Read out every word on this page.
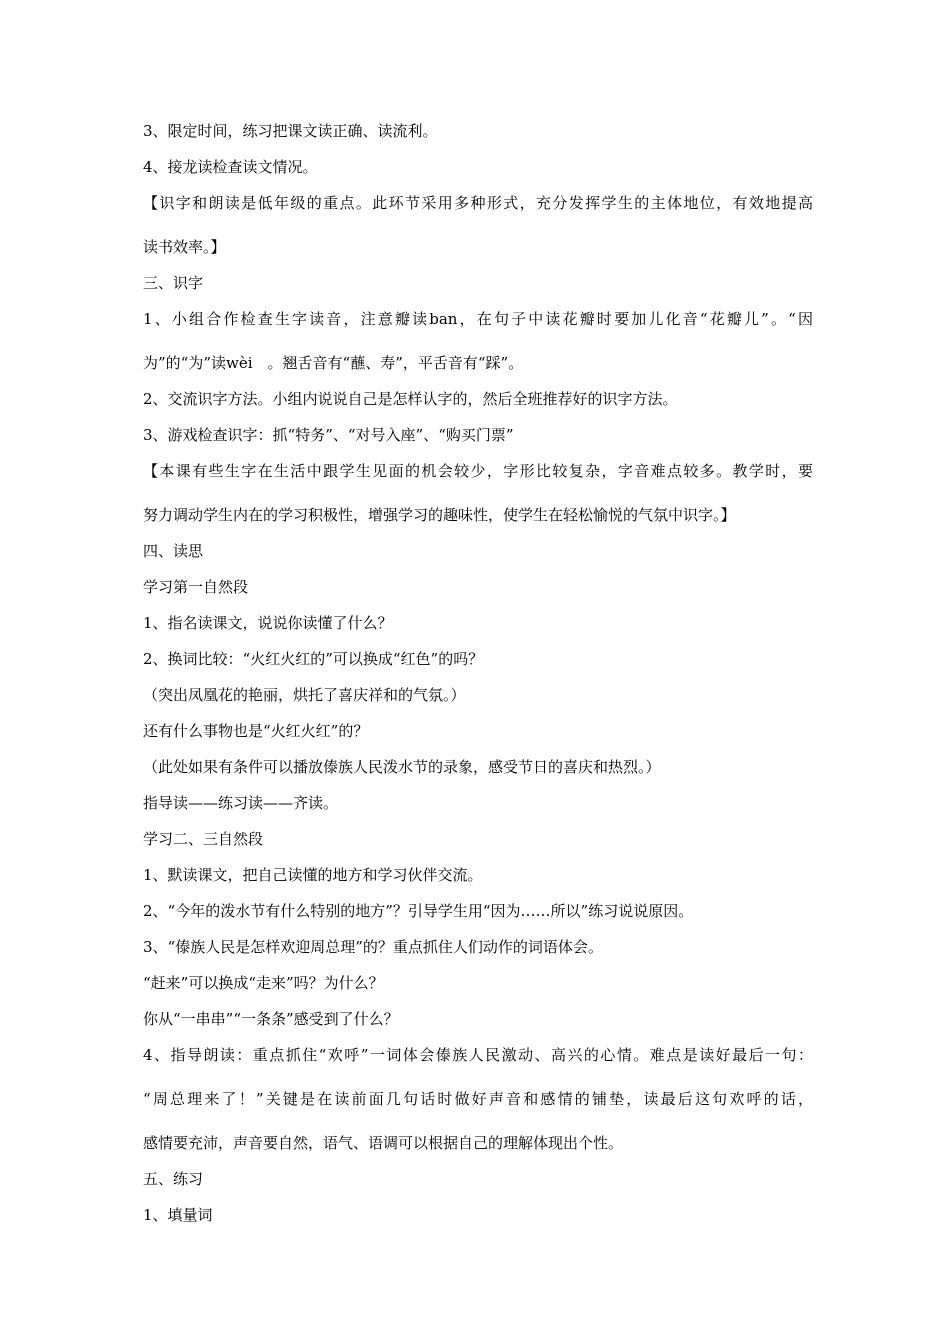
3、限定时间，练习把课文读正确、读流利。

4、接龙读检查读文情况。

【识字和朗读是低年级的重点。此环节采用多种形式，充分发挥学生的主体地位，有效地提高

读书效率。】

三、识字

1、小组合作检查生字读音，注意瓣读ban，在句子中读花瓣时要加儿化音“花瓣儿”。“因

为”的“为”读wèi　。翘舌音有“蘸、寿”，平舌音有“踩”。

2、交流识字方法。小组内说说自己是怎样认字的，然后全班推荐好的识字方法。

3、游戏检查识字：抓“特务”、“对号入座”、“购买门票”

【本课有些生字在生活中跟学生见面的机会较少，字形比较复杂，字音难点较多。教学时，要

努力调动学生内在的学习积极性，增强学习的趣味性，使学生在轻松愉悦的气氛中识字。】

四、读思

学习第一自然段

1、指名读课文，说说你读懂了什么？

2、换词比较：“火红火红的”可以换成“红色”的吗？

（突出凤凰花的艳丽，烘托了喜庆祥和的气氛。）

还有什么事物也是“火红火红”的？

（此处如果有条件可以播放傣族人民泼水节的录象，感受节日的喜庆和热烈。）

指导读——练习读——齐读。

学习二、三自然段

1、默读课文，把自己读懂的地方和学习伙伴交流。

2、“今年的泼水节有什么特别的地方”？引导学生用“因为……所以”练习说说原因。

3、“傣族人民是怎样欢迎周总理”的？重点抓住人们动作的词语体会。

“赶来”可以换成“走来”吗？为什么？

你从“一串串”“一条条”感受到了什么？

4、指导朗读：重点抓住“欢呼”一词体会傣族人民激动、高兴的心情。难点是读好最后一句：

“周总理来了！”关键是在读前面几句话时做好声音和感情的铺垫，读最后这句欢呼的话，

感情要充沛，声音要自然，语气、语调可以根据自己的理解体现出个性。

五、练习

1、填量词
